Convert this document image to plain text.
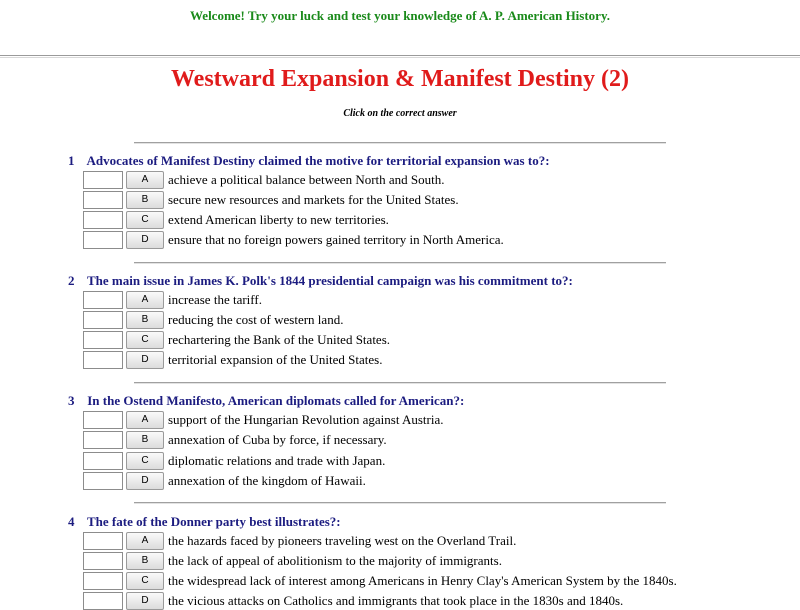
Welcome! Try your luck and test your knowledge of A. P. American History.
Westward Expansion & Manifest Destiny (2)
Click on the correct answer
1 Advocates of Manifest Destiny claimed the motive for territorial expansion was to?:
A	achieve a political balance between North and South.
B	secure new resources and markets for the United States.
C	extend American liberty to new territories.
D	ensure that no foreign powers gained territory in North America.
2 The main issue in James K. Polk's 1844 presidential campaign was his commitment to?:
A	increase the tariff.
B	reducing the cost of western land.
C	rechartering the Bank of the United States.
D	territorial expansion of the United States.
3 In the Ostend Manifesto, American diplomats called for American?:
A	support of the Hungarian Revolution against Austria.
B	annexation of Cuba by force, if necessary.
C	diplomatic relations and trade with Japan.
D	annexation of the kingdom of Hawaii.
4 The fate of the Donner party best illustrates?:
A	the hazards faced by pioneers traveling west on the Overland Trail.
B	the lack of appeal of abolitionism to the majority of immigrants.
C	the widespread lack of interest among Americans in Henry Clay's American System by the 1840s.
D	the vicious attacks on Catholics and immigrants that took place in the 1830s and 1840s.
